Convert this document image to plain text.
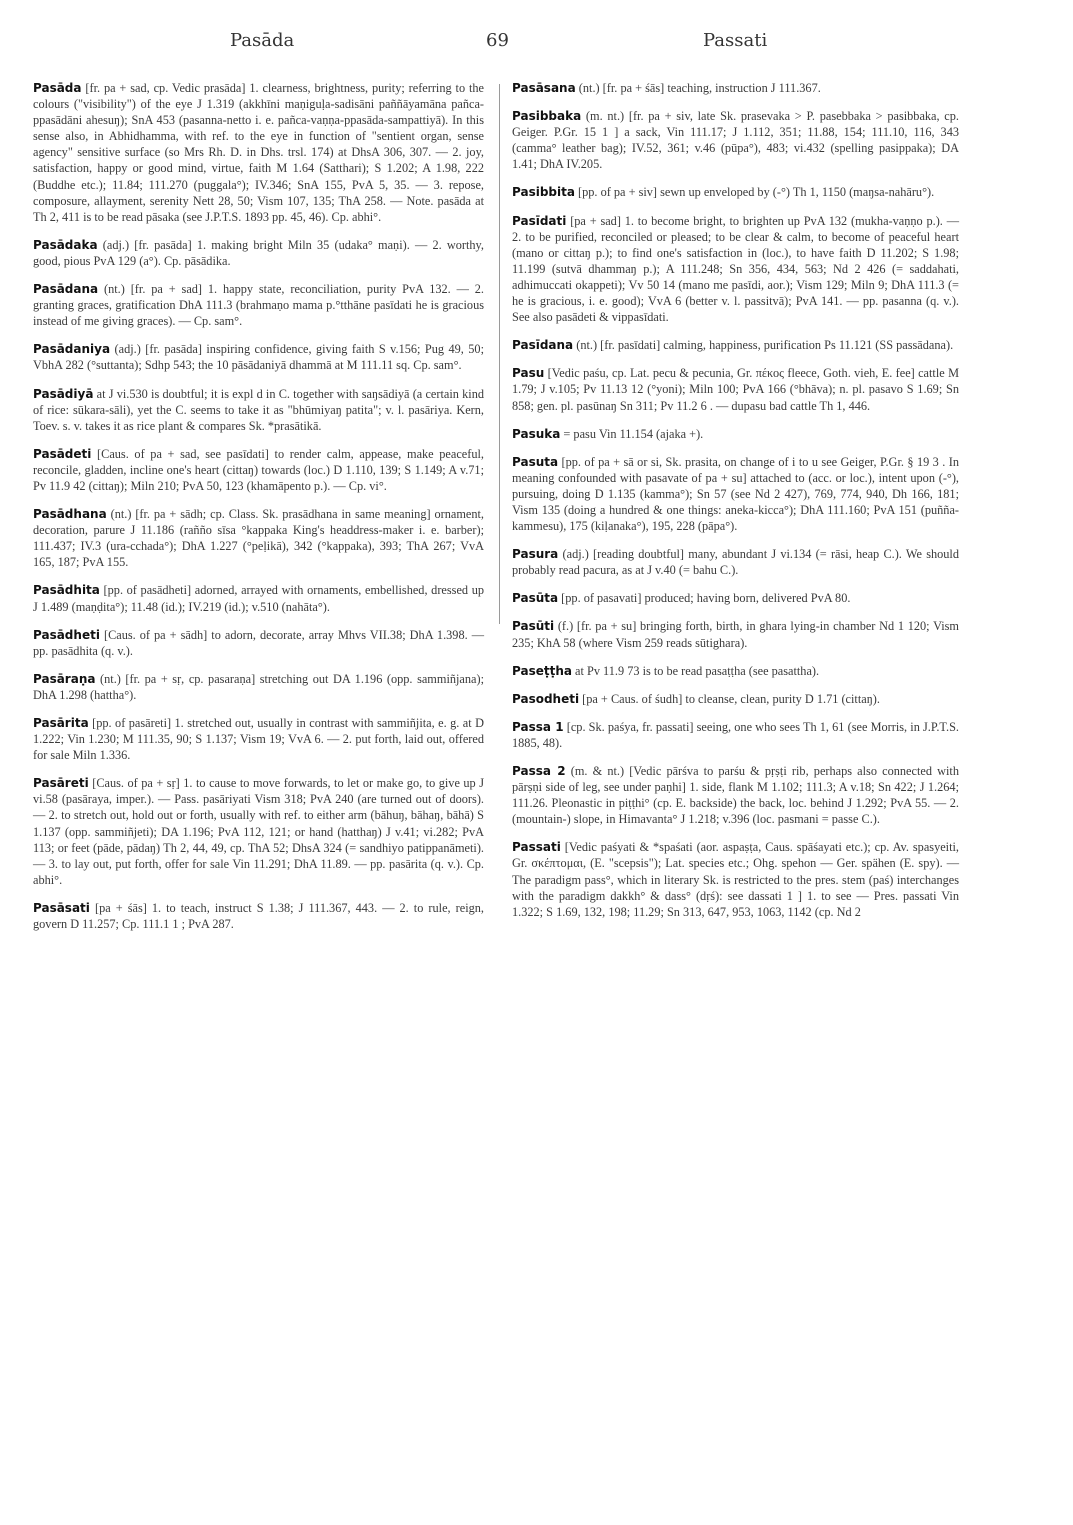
Pasāda	69	Passati

Pasāda [fr. pa + sad, cp. Vedic prasāda] 1. clearness, brightness, purity; referring to the colours ("visibility") of the eye J 1.319 (akkhīni maṇiguḷa-sadisāni paññāyamāna pañca-ppasādāni ahesuŋ); SnA 453 (pasanna-netto i. e. pañca-vaṇṇa-ppasāda-sampattiyā). In this sense also, in Abhidhamma, with ref. to the eye in function of "sentient organ, sense agency" sensitive surface (so Mrs Rh. D. in Dhs. trsl. 174) at DhsA 306, 307. — 2. joy, satisfaction, happy or good mind, virtue, faith M 1.64 (Satthari); S 1.202; A 1.98, 222 (Buddhe etc.); 11.84; 111.270 (puggala°); IV.346; SnA 155, PvA 5, 35. — 3. repose, composure, allayment, serenity Nett 28, 50; Vism 107, 135; ThA 258. — Note. pasāda at Th 2, 411 is to be read pāsaka (see J.P.T.S. 1893 pp. 45, 46). Cp. abhi°.

Pasādaka (adj.) [fr. pasāda] 1. making bright Miln 35 (udaka° maṇi). — 2. worthy, good, pious PvA 129 (a°). Cp. pāsādika.

Pasādana (nt.) [fr. pa + sad] 1. happy state, reconciliation, purity PvA 132. — 2. granting graces, gratification DhA 111.3 (brahmaṇo mama p.°tthāne pasīdati he is gracious instead of me giving graces). — Cp. sam°.

Pasādaniya (adj.) [fr. pasāda] inspiring confidence, giving faith S v.156; Pug 49, 50; VbhA 282 (°suttanta); Sdhp 543; the 10 pāsādaniyā dhammā at M 111.11 sq. Cp. sam°.

Pasādiyā at J vi.530 is doubtful; it is expl d in C. together with saŋsādiyā (a certain kind of rice: sūkara-sāli), yet the C. seems to take it as "bhūmiyaŋ patita"; v. l. pasāriya. Kern, Toev. s. v. takes it as rice plant & compares Sk. *prasātikā.

Pasādeti [Caus. of pa + sad, see pasīdati] to render calm, appease, make peaceful, reconcile, gladden, incline one's heart (cittaŋ) towards (loc.) D 1.110, 139; S 1.149; A v.71; Pv 11.9 42 (cittaŋ); Miln 210; PvA 50, 123 (khamāpento p.). — Cp. vi°.

Pasādhana (nt.) [fr. pa + sādh; cp. Class. Sk. prasādhana in same meaning] ornament, decoration, parure J 11.186 (rañño sīsa °kappaka King's headdress-maker i. e. barber); 111.437; IV.3 (ura-cchada°); DhA 1.227 (°peḷikā), 342 (°kappaka), 393; ThA 267; VvA 165, 187; PvA 155.

Pasādhita [pp. of pasādheti] adorned, arrayed with ornaments, embellished, dressed up J 1.489 (maṇḍita°); 11.48 (id.); IV.219 (id.); v.510 (nahāta°).

Pasādheti [Caus. of pa + sādh] to adorn, decorate, array Mhvs VII.38; DhA 1.398. — pp. pasādhita (q. v.).

Pasāraṇa (nt.) [fr. pa + sṛ, cp. pasaraṇa] stretching out DA 1.196 (opp. sammiñjana); DhA 1.298 (hattha°).

Pasārita [pp. of pasāreti] 1. stretched out, usually in contrast with sammiñjita, e. g. at D 1.222; Vin 1.230; M 111.35, 90; S 1.137; Vism 19; VvA 6. — 2. put forth, laid out, offered for sale Miln 1.336.

Pasāreti [Caus. of pa + sṛ] 1. to cause to move forwards, to let or make go, to give up J vi.58 (pasāraya, imper.). — Pass. pasāriyati Vism 318; PvA 240 (are turned out of doors). — 2. to stretch out, hold out or forth, usually with ref. to either arm (bāhuŋ, bāhaŋ, bāhā) S 1.137 (opp. sammiñjeti); DA 1.196; PvA 112, 121; or hand (hatthaŋ) J v.41; vi.282; PvA 113; or feet (pāde, pādaŋ) Th 2, 44, 49, cp. ThA 52; DhsA 324 (= sandhiyo patippanāmeti). — 3. to lay out, put forth, offer for sale Vin 11.291; DhA 11.89. — pp. pasārita (q. v.). Cp. abhi°.

Pasāsati [pa + śās] 1. to teach, instruct S 1.38; J 111.367, 443. — 2. to rule, reign, govern D 11.257; Cp. 111.1 1 ; PvA 287.

Pasāsana (nt.) [fr. pa + śās] teaching, instruction J 111.367.

Pasibbaka (m. nt.) [fr. pa + siv, late Sk. prasevaka > P. pasebbaka > pasibbaka, cp. Geiger. P.Gr. 15 1 ] a sack, Vin 111.17; J 1.112, 351; 11.88, 154; 111.10, 116, 343 (camma° leather bag); IV.52, 361; v.46 (pūpa°), 483; vi.432 (spelling pasippaka); DA 1.41; DhA IV.205.

Pasibbita [pp. of pa + siv] sewn up enveloped by (-°) Th 1, 1150 (maŋsa-nahāru°).

Pasīdati [pa + sad] 1. to become bright, to brighten up PvA 132 (mukha-vaṇṇo p.). — 2. to be purified, reconciled or pleased; to be clear & calm, to become of peaceful heart (mano or cittaŋ p.); to find one's satisfaction in (loc.), to have faith D 11.202; S 1.98; 11.199 (sutvā dhammaŋ p.); A 111.248; Sn 356, 434, 563; Nd 2 426 (= saddahati, adhimuccati okappeti); Vv 50 14 (mano me pasīdi, aor.); Vism 129; Miln 9; DhA 111.3 (= he is gracious, i. e. good); VvA 6 (better v. l. passitvā); PvA 141. — pp. pasanna (q. v.). See also pasādeti & vippasīdati.

Pasīdana (nt.) [fr. pasīdati] calming, happiness, purification Ps 11.121 (SS passādana).

Pasu [Vedic paśu, cp. Lat. pecu & pecunia, Gr. πέκος fleece, Goth. vieh, E. fee] cattle M 1.79; J v.105; Pv 11.13 12 (°yoni); Miln 100; PvA 166 (°bhāva); n. pl. pasavo S 1.69; Sn 858; gen. pl. pasūnaŋ Sn 311; Pv 11.2 6 . — dupasu bad cattle Th 1, 446.

Pasuka = pasu Vin 11.154 (ajaka +).

Pasuta [pp. of pa + sā or si, Sk. prasita, on change of i to u see Geiger, P.Gr. § 19 3 . In meaning confounded with pasavate of pa + su] attached to (acc. or loc.), intent upon (-°), pursuing, doing D 1.135 (kamma°); Sn 57 (see Nd 2 427), 769, 774, 940, Dh 166, 181; Vism 135 (doing a hundred & one things: aneka-kicca°); DhA 111.160; PvA 151 (puñña-kammesu), 175 (kiḷanaka°), 195, 228 (pāpa°).

Pasura (adj.) [reading doubtful] many, abundant J vi.134 (= rāsi, heap C.). We should probably read pacura, as at J v.40 (= bahu C.).

Pasūta [pp. of pasavati] produced; having born, delivered PvA 80.

Pasūti (f.) [fr. pa + su] bringing forth, birth, in ghara lying-in chamber Nd 1 120; Vism 235; KhA 58 (where Vism 259 reads sūtighara).

Paseṭṭha at Pv 11.9 73 is to be read pasaṭṭha (see pasattha).

Pasodheti [pa + Caus. of śudh] to cleanse, clean, purity D 1.71 (cittaŋ).

Passa 1 [cp. Sk. paśya, fr. passati] seeing, one who sees Th 1, 61 (see Morris, in J.P.T.S. 1885, 48).

Passa 2 (m. & nt.) [Vedic pārśva to parśu & pṛṣṭi rib, perhaps also connected with pārṣṇi side of leg, see under paṇhi] 1. side, flank M 1.102; 111.3; A v.18; Sn 422; J 1.264; 111.26. Pleonastic in piṭṭhi° (cp. E. backside) the back, loc. behind J 1.292; PvA 55. — 2. (mountain-) slope, in Himavanta° J 1.218; v.396 (loc. pasmani = passe C.).

Passati [Vedic paśyati & *spaśati (aor. aspaṣṭa, Caus. spāśayati etc.); cp. Av. spasyeiti, Gr. σκέπτομαι, (E. "scepsis"); Lat. species etc.; Ohg. spehon — Ger. spähen (E. spy). — The paradigm pass°, which in literary Sk. is restricted to the pres. stem (paś) interchanges with the paradigm dakkh° & dass° (dṛś): see dassati 1 ] 1. to see — Pres. passati Vin 1.322; S 1.69, 132, 198; 11.29; Sn 313, 647, 953, 1063, 1142 (cp. Nd 2
